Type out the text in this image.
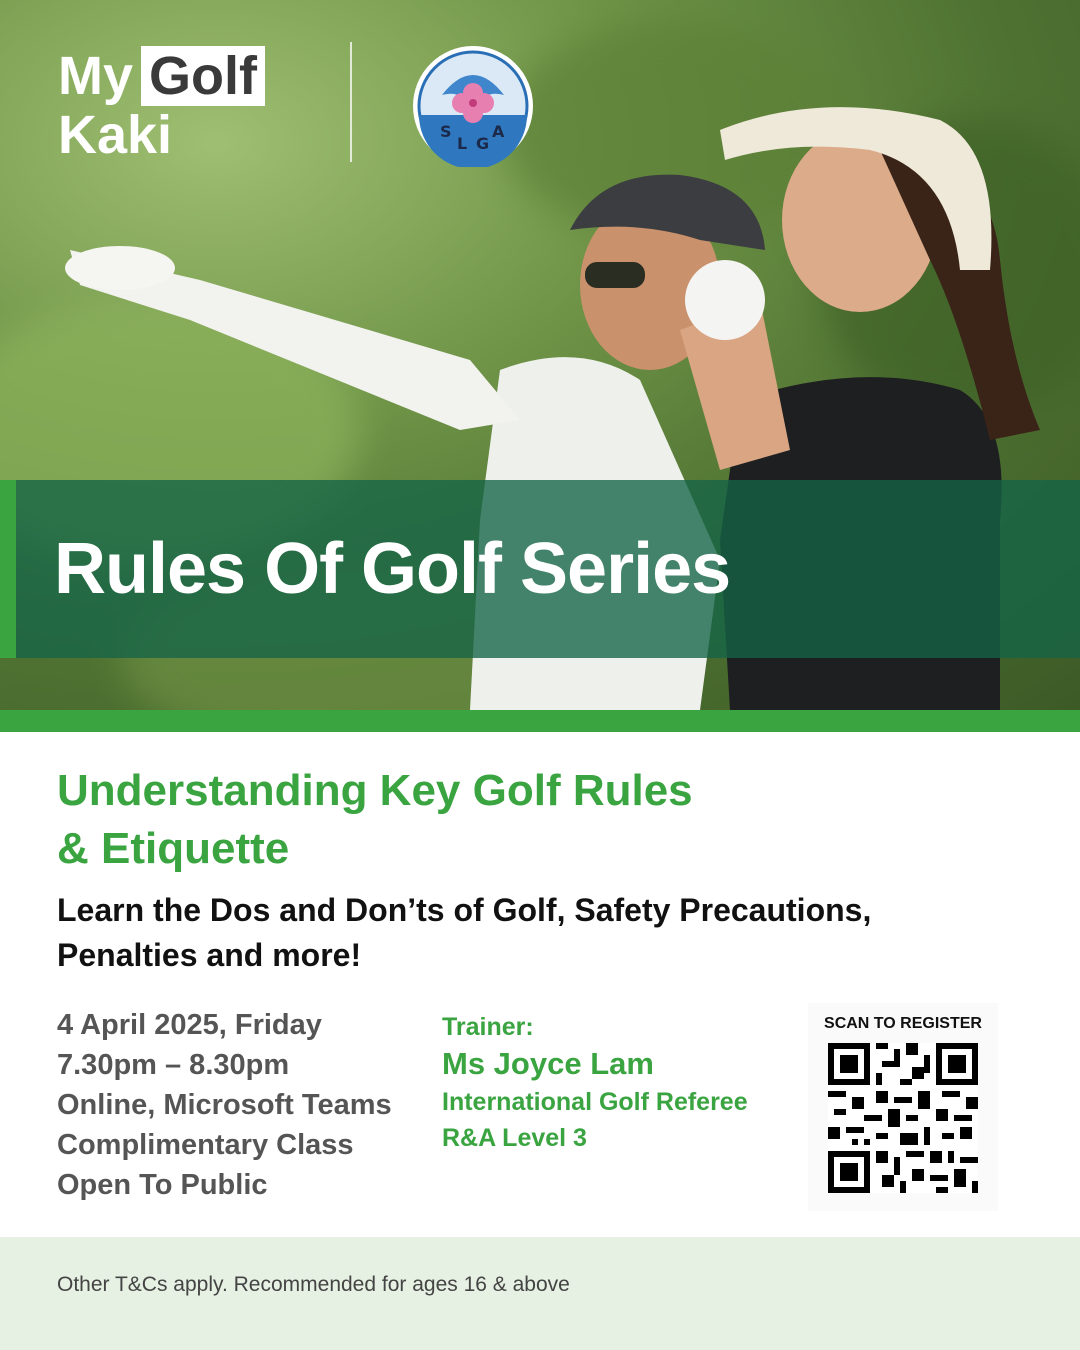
My Golf
Kaki	S
L G
A
Rules Of Golf Series
Understanding Key Golf Rules
& Etiquette

Learn the Dos and Don’ts of Golf, Safety Precautions,
Penalties and more!

4 April 2025, Friday
7.30pm – 8.30pm
Online, Microsoft Teams
Complimentary Class
Open To Public
Trainer:
Ms Joyce Lam
International Golf Referee
R&A Level 3
SCAN TO REGISTER

Other T&Cs apply. Recommended for ages 16 & above
